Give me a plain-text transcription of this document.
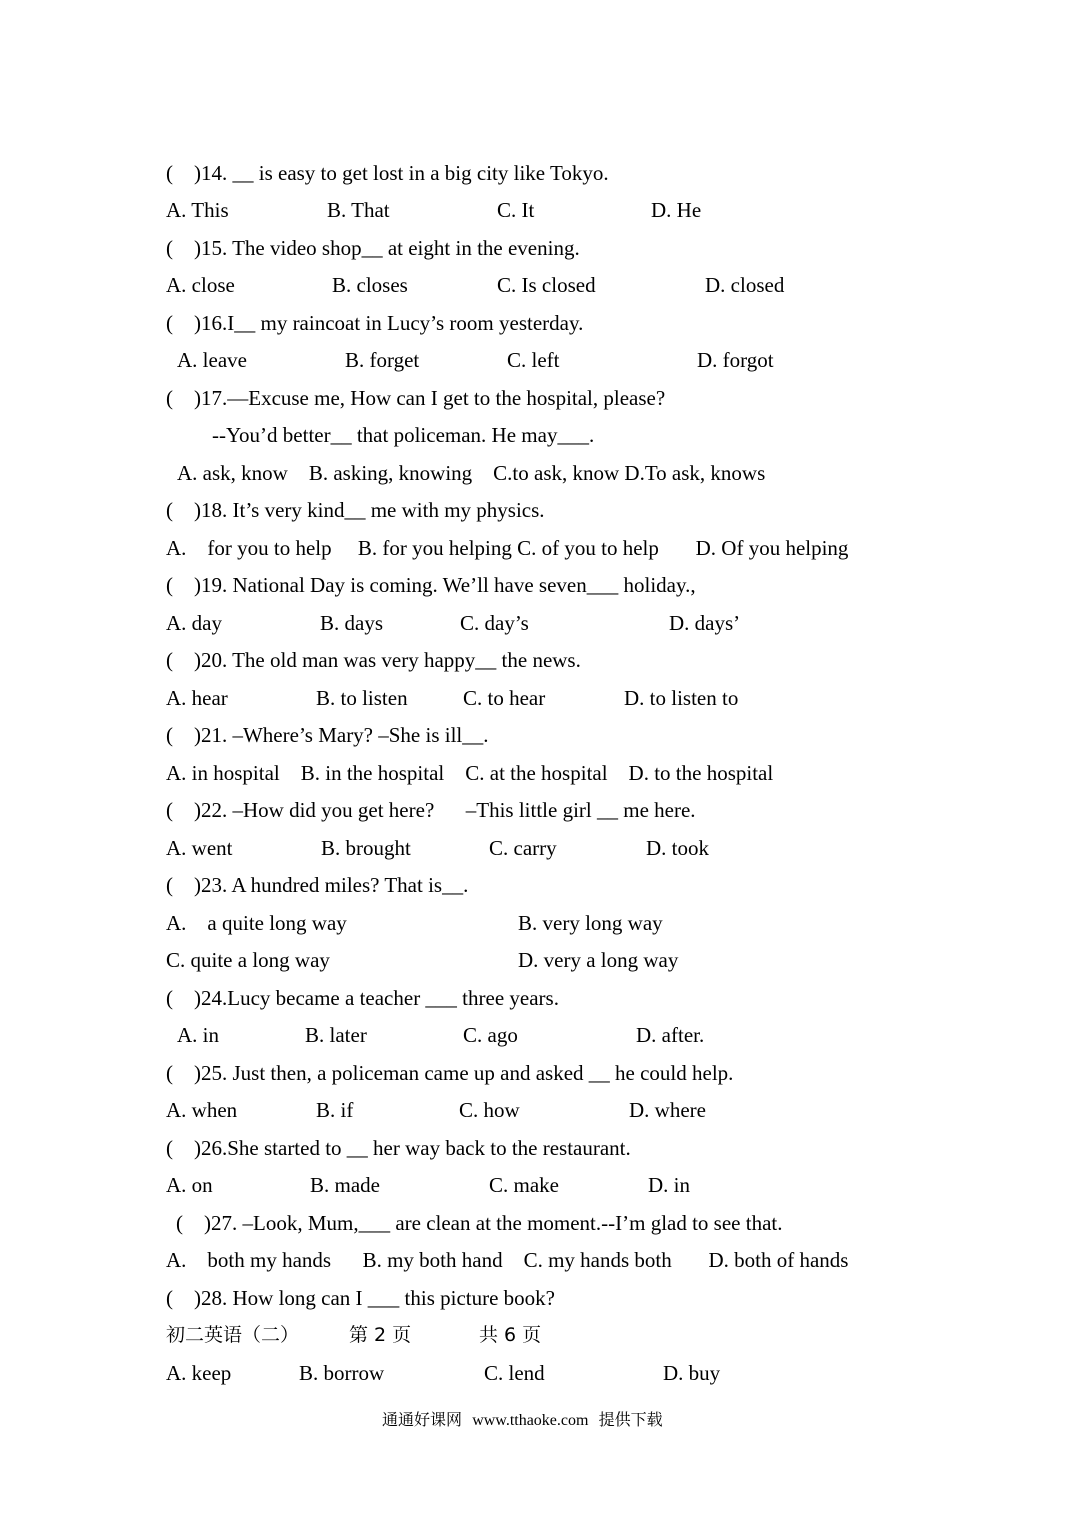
(    )14. __ is easy to get lost in a big city like Tokyo.
A. This	B. That	C. It	D. He
(    )15. The video shop__ at eight in the evening.
A. close	B. closes	C. Is closed	D. closed
(    )16.I__ my raincoat in Lucy’s room yesterday.
A. leave	B. forget	C. left	D. forgot
(    )17.—Excuse me, How can I get to the hospital, please?
--You’d better__ that policeman. He may___.
A. ask, know    B. asking, knowing    C.to ask, know D.To ask, knows
(    )18. It’s very kind__ me with my physics.
A.    for you to help     B. for you helping C. of you to help       D. Of you helping
(    )19. National Day is coming. We’ll have seven___ holiday.,
A. day	B. days	C. day’s	D. days’
(    )20. The old man was very happy__ the news.
A. hear	B. to listen	C. to hear	D. to listen to
(    )21. –Where’s Mary? –She is ill__.
A. in hospital    B. in the hospital    C. at the hospital    D. to the hospital
(    )22. –How did you get here?      –This little girl __ me here.
A. went	B. brought	C. carry	D. took
(    )23. A hundred miles? That is__.
A.    a quite long way	B. very long way
C. quite a long way	D. very a long way
(    )24.Lucy became a teacher ___ three years.
A. in	B. later	C. ago	D. after.
(    )25. Just then, a policeman came up and asked __ he could help.
A. when	B. if	C. how	D. where
(    )26.She started to __ her way back to the restaurant.
A. on	B. made	C. make	D. in
(    )27. –Look, Mum,___ are clean at the moment.--I’m glad to see that.
A.    both my hands      B. my both hand    C. my hands both       D. both of hands
(    )28. How long can I ___ this picture book?
初二英语（二）	第 2 页	共 6 页
A. keep	B. borrow	C. lend	D. buy
通通好课网 www.tthaoke.com 提供下载
